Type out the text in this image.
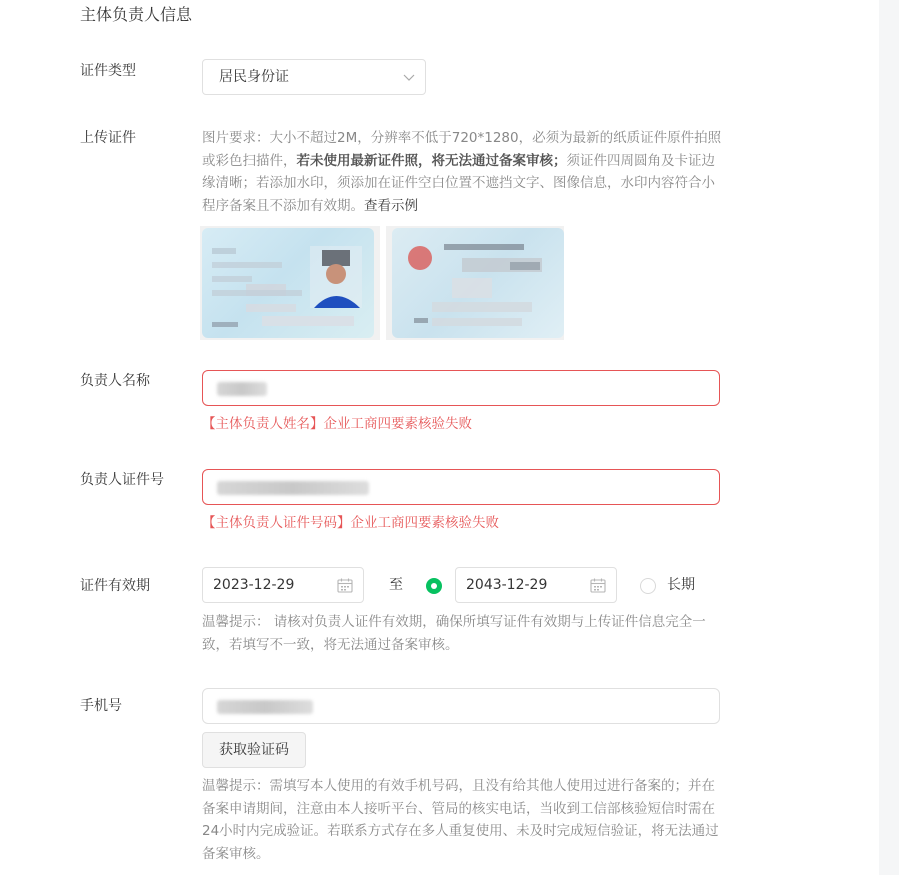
主体负责人信息
证件类型	居民身份证
上传证件	图片要求：大小不超过2M，分辨率不低于720*1280，必须为最新的纸质证件原件拍照或彩色扫描件，若未使用最新证件照，将无法通过备案审核；须证件四周圆角及卡证边缘清晰；若添加水印，须添加在证件空白位置不遮挡文字、图像信息，水印内容符合小程序备案且不添加有效期。查看示例
负责人名称
【主体负责人姓名】企业工商四要素核验失败
负责人证件号
【主体负责人证件号码】企业工商四要素核验失败
证件有效期	2023-12-29	至	2043-12-29	长期
温馨提示： 请核对负责人证件有效期，确保所填写证件有效期与上传证件信息完全一致，若填写不一致，将无法通过备案审核。
手机号
获取验证码
温馨提示：需填写本人使用的有效手机号码，且没有给其他人使用过进行备案的；并在备案申请期间，注意由本人接听平台、管局的核实电话，当收到工信部核验短信时需在24小时内完成验证。若联系方式存在多人重复使用、未及时完成短信验证，将无法通过备案审核。
